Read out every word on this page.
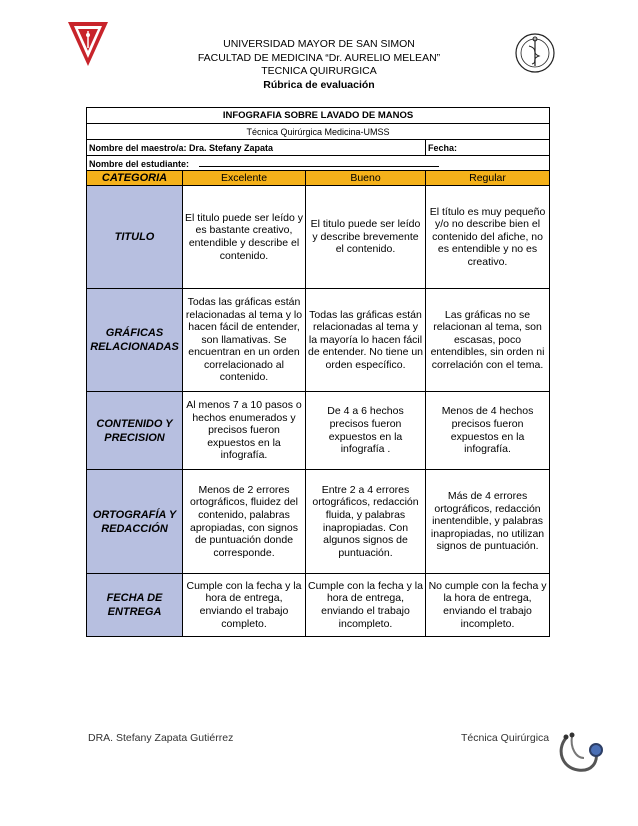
UNIVERSIDAD MAYOR DE SAN SIMON
FACULTAD DE MEDICINA “Dr. AURELIO MELEAN”
TECNICA QUIRURGICA
Rúbrica de evaluación
INFOGRAFIA SOBRE LAVADO DE MANOS			
Técnica Quirúrgica Medicina-UMSS			
Nombre del maestro/a: Dra. Stefany Zapata			Fecha:
Nombre del estudiante:			
CATEGORIA	Excelente	Bueno	Regular
TITULO	El titulo puede ser leído y es bastante creativo, entendible y describe el contenido.	El titulo puede ser leído y describe brevemente el contenido.	El título es muy pequeño y/o no describe bien el contenido del afiche, no es entendible y no es creativo.
GRÁFICAS RELACIONADAS	Todas las gráficas están relacionadas al tema y lo hacen fácil de entender, son llamativas. Se encuentran en un orden correlacionado al contenido.	Todas las gráficas están relacionadas al tema y la mayoría lo hacen fácil de entender. No tiene un orden específico.	Las gráficas no se relacionan al tema, son escasas, poco entendibles, sin orden ni correlación con el tema.
CONTENIDO Y PRECISION	Al menos 7 a 10 pasos o hechos enumerados y precisos fueron expuestos en la infografía.	De 4 a 6 hechos precisos fueron expuestos en la infografía .	Menos de 4 hechos precisos fueron expuestos en la infografía.
ORTOGRAFÍA Y REDACCIÓN	Menos de 2 errores ortográficos, fluidez del contenido, palabras apropiadas, con signos de puntuación donde corresponde.	Entre 2 a 4 errores ortográficos, redacción fluida, y palabras inapropiadas. Con algunos signos de puntuación.	Más de 4 errores ortográficos, redacción inentendible, y palabras inapropiadas, no utilizan signos de puntuación.
FECHA DE ENTREGA	Cumple con la fecha y la hora de entrega, enviando el trabajo completo.	Cumple con la fecha y la hora de entrega, enviando el trabajo incompleto.	No cumple con la fecha y la hora de entrega, enviando el trabajo incompleto.
DRA. Stefany Zapata Gutiérrez	Técnica Quirúrgica
